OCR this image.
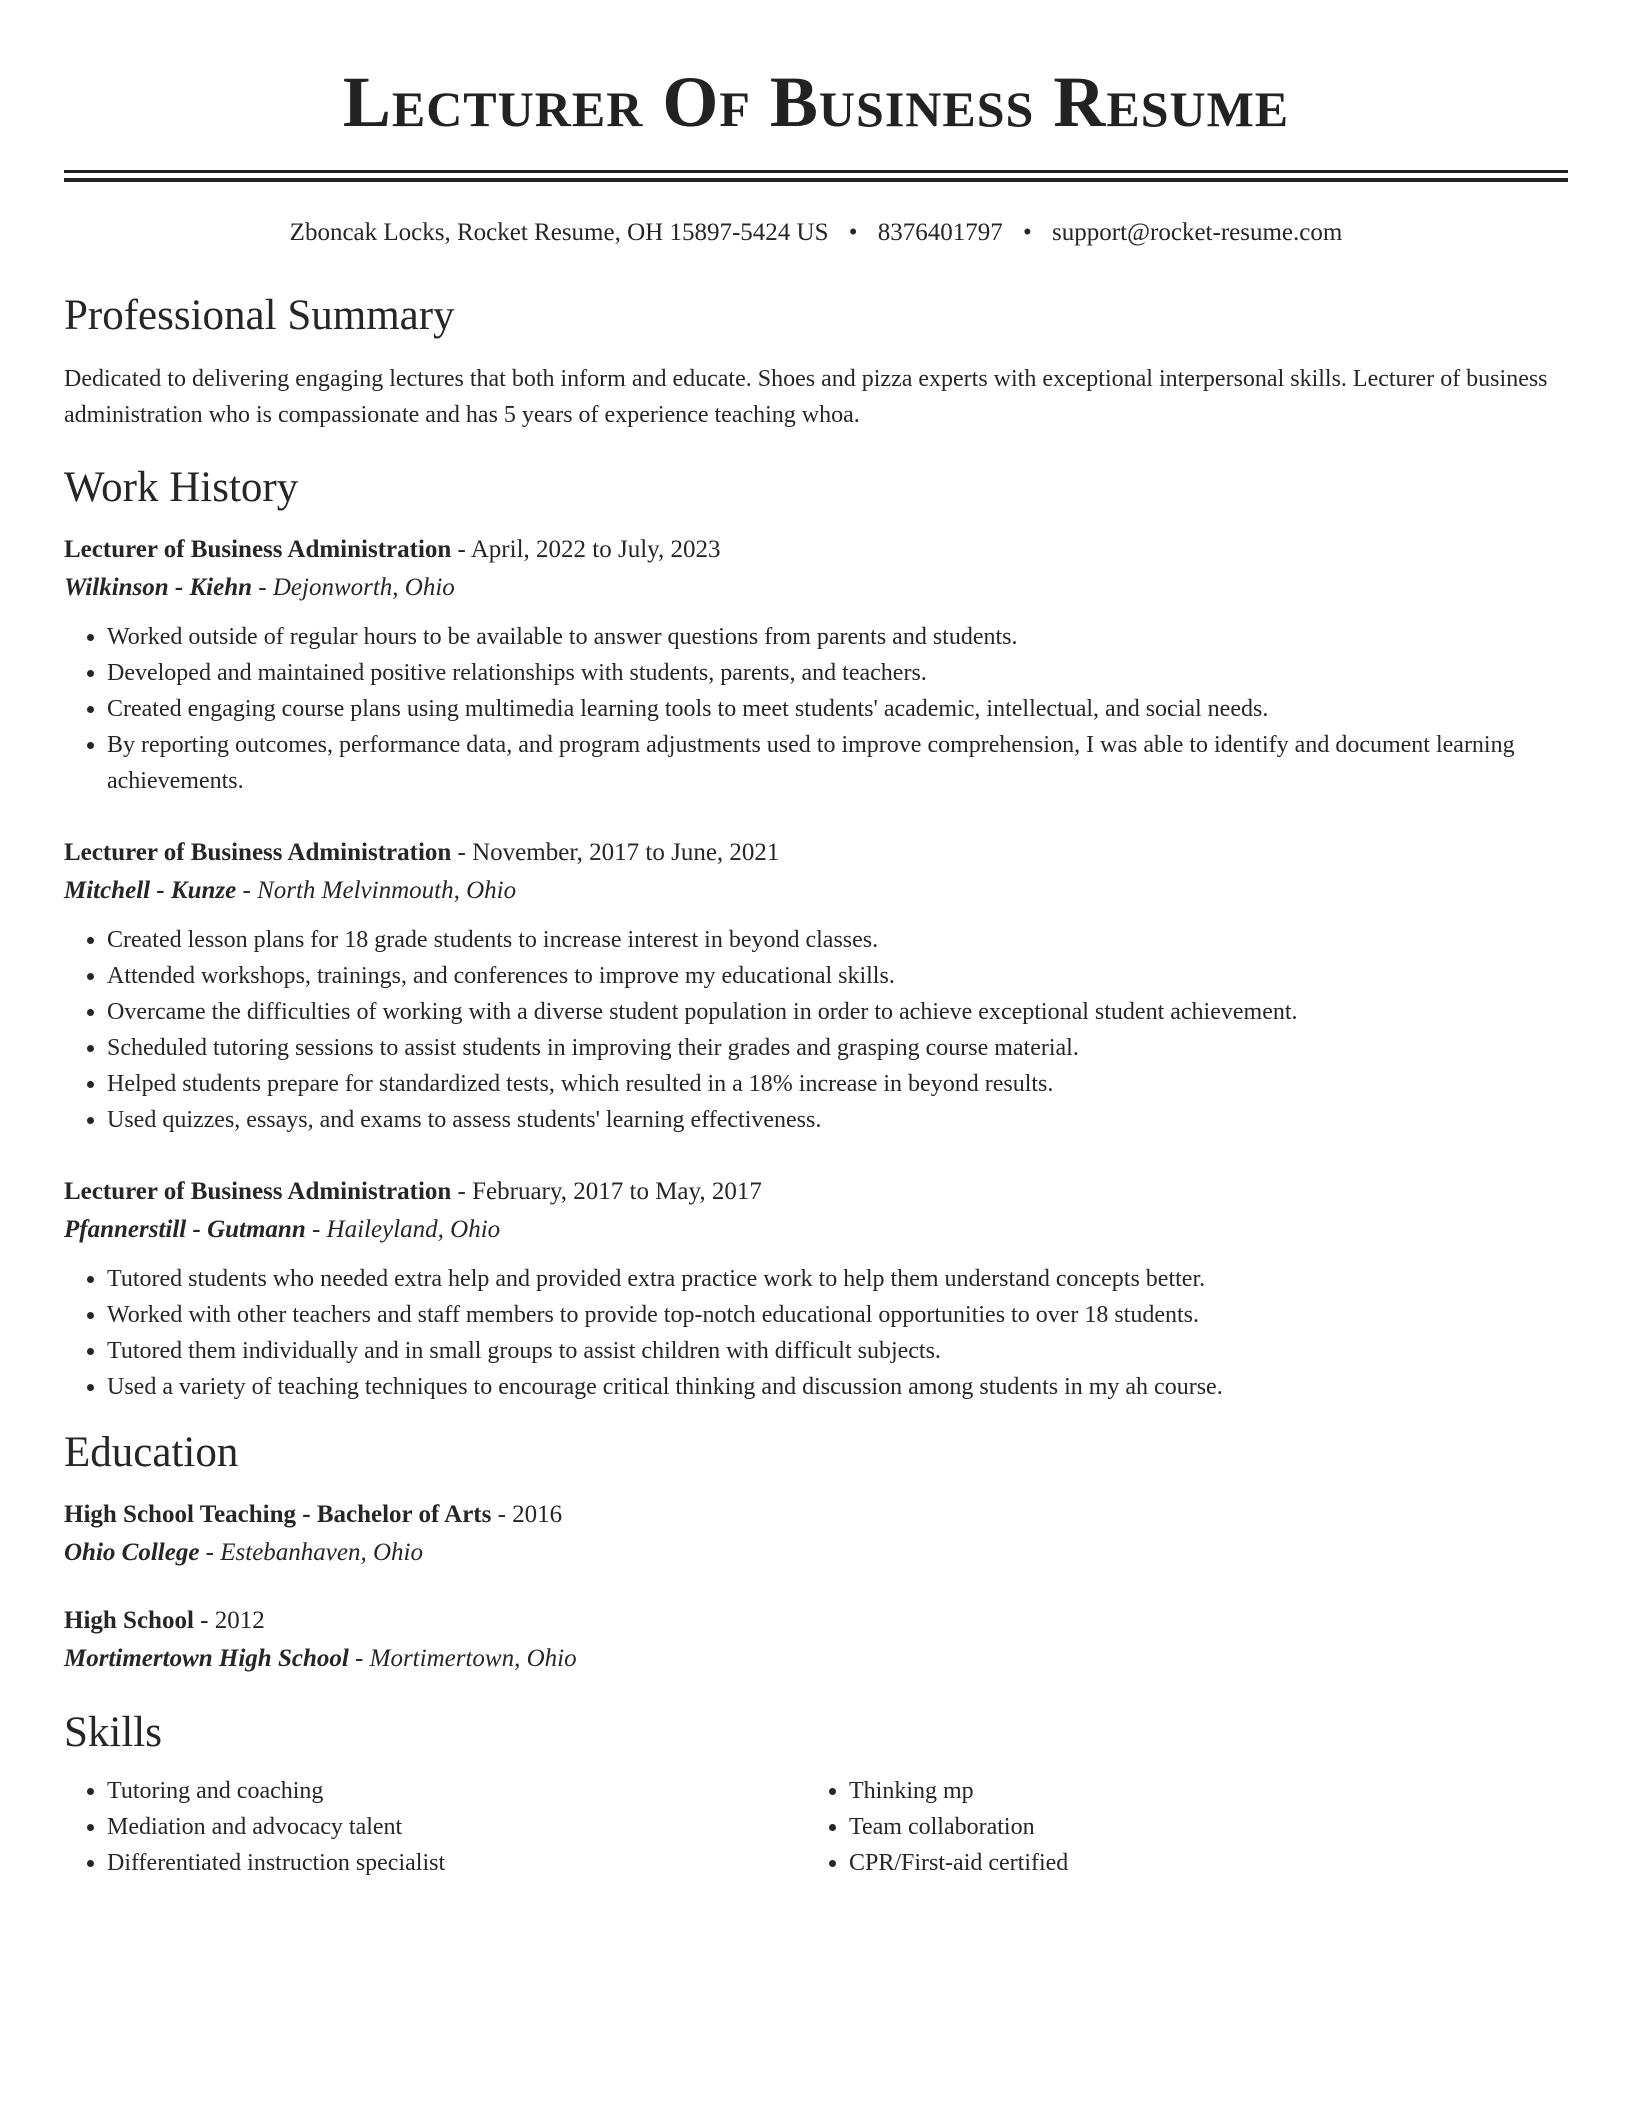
Lecturer Of Business Resume
Zboncak Locks, Rocket Resume, OH 15897-5424 US • 8376401797 • support@rocket-resume.com
Professional Summary

Dedicated to delivering engaging lectures that both inform and educate. Shoes and pizza experts with exceptional interpersonal skills. Lecturer of business administration who is compassionate and has 5 years of experience teaching whoa.

Work History
Lecturer of Business Administration - April, 2022 to July, 2023
Wilkinson - Kiehn - Dejonworth, Ohio
• Worked outside of regular hours to be available to answer questions from parents and students.
• Developed and maintained positive relationships with students, parents, and teachers.
• Created engaging course plans using multimedia learning tools to meet students' academic, intellectual, and social needs.
• By reporting outcomes, performance data, and program adjustments used to improve comprehension, I was able to identify and document learning achievements.
Lecturer of Business Administration - November, 2017 to June, 2021
Mitchell - Kunze - North Melvinmouth, Ohio
• Created lesson plans for 18 grade students to increase interest in beyond classes.
• Attended workshops, trainings, and conferences to improve my educational skills.
• Overcame the difficulties of working with a diverse student population in order to achieve exceptional student achievement.
• Scheduled tutoring sessions to assist students in improving their grades and grasping course material.
• Helped students prepare for standardized tests, which resulted in a 18% increase in beyond results.
• Used quizzes, essays, and exams to assess students' learning effectiveness.
Lecturer of Business Administration - February, 2017 to May, 2017
Pfannerstill - Gutmann - Haileyland, Ohio
• Tutored students who needed extra help and provided extra practice work to help them understand concepts better.
• Worked with other teachers and staff members to provide top-notch educational opportunities to over 18 students.
• Tutored them individually and in small groups to assist children with difficult subjects.
• Used a variety of teaching techniques to encourage critical thinking and discussion among students in my ah course.
Education
High School Teaching - Bachelor of Arts - 2016
Ohio College - Estebanhaven, Ohio
High School - 2012
Mortimertown High School - Mortimertown, Ohio
Skills
• Tutoring and coaching
• Mediation and advocacy talent
• Differentiated instruction specialist
• Thinking mp
• Team collaboration
• CPR/First-aid certified
